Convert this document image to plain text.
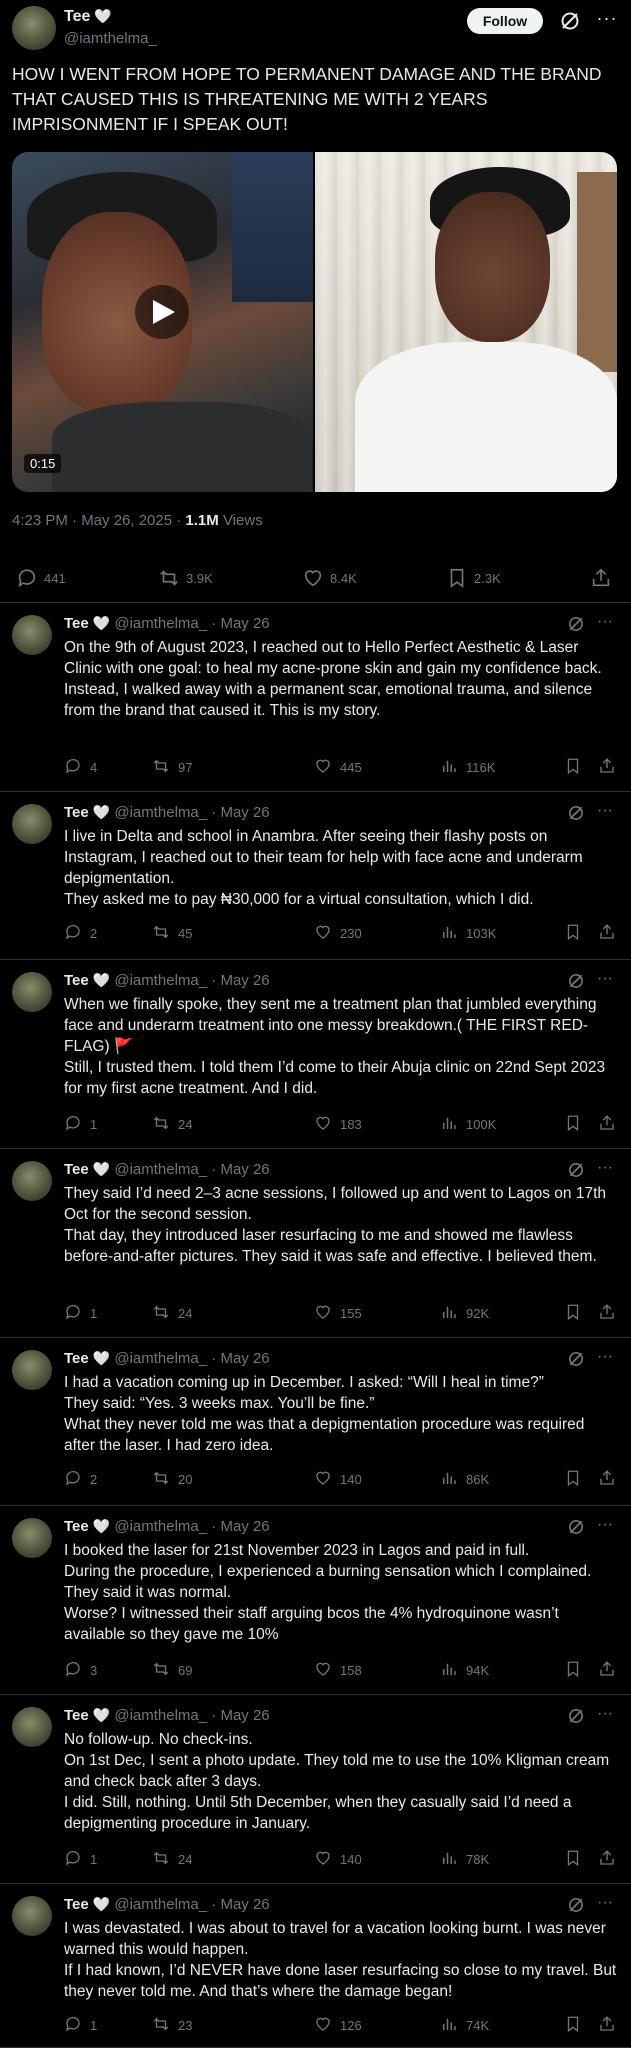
Tee 🤍
@iamthelma_
Follow	···
HOW I WENT FROM HOPE TO PERMANENT DAMAGE AND THE BRAND THAT CAUSED THIS IS THREATENING ME WITH 2 YEARS IMPRISONMENT IF I SPEAK OUT!
0:15
4:23 PM · May 26, 2025 · 1.1M Views
441	3.9K	8.4K	2.3K
Tee 🤍 @iamthelma_ · May 26	···
On the 9th of August 2023, I reached out to Hello Perfect Aesthetic & Laser Clinic with one goal: to heal my acne-prone skin and gain my confidence back.
Instead, I walked away with a permanent scar, emotional trauma, and silence from the brand that caused it. This is my story.
4	97	445	116K
Tee 🤍 @iamthelma_ · May 26	···
I live in Delta and school in Anambra. After seeing their flashy posts on Instagram, I reached out to their team for help with face acne and underarm depigmentation.
They asked me to pay ₦30,000 for a virtual consultation, which I did.
2	45	230	103K
Tee 🤍 @iamthelma_ · May 26	···
When we finally spoke, they sent me a treatment plan that jumbled everything face and underarm treatment into one messy breakdown.( THE FIRST RED-FLAG) 🚩
Still, I trusted them. I told them I’d come to their Abuja clinic on 22nd Sept 2023 for my first acne treatment. And I did.
1	24	183	100K
Tee 🤍 @iamthelma_ · May 26	···
They said I’d need 2–3 acne sessions, I followed up and went to Lagos on 17th Oct for the second session.
That day, they introduced laser resurfacing to me and showed me flawless before-and-after pictures. They said it was safe and effective. I believed them.
1	24	155	92K
Tee 🤍 @iamthelma_ · May 26	···
I had a vacation coming up in December. I asked: “Will I heal in time?”
They said: “Yes. 3 weeks max. You’ll be fine.”
What they never told me was that a depigmentation procedure was required after the laser. I had zero idea.
2	20	140	86K
Tee 🤍 @iamthelma_ · May 26	···
I booked the laser for 21st November 2023 in Lagos and paid in full.
During the procedure, I experienced a burning sensation which I complained. They said it was normal.
Worse? I witnessed their staff arguing bcos the 4% hydroquinone wasn’t available so they gave me 10%
3	69	158	94K
Tee 🤍 @iamthelma_ · May 26	···
No follow-up. No check-ins.
On 1st Dec, I sent a photo update. They told me to use the 10% Kligman cream and check back after 3 days.
I did. Still, nothing. Until 5th December, when they casually said I’d need a depigmenting procedure in January.
1	24	140	78K
Tee 🤍 @iamthelma_ · May 26	···
I was devastated. I was about to travel for a vacation looking burnt. I was never warned this would happen.
If I had known, I’d NEVER have done laser resurfacing so close to my travel. But they never told me. And that’s where the damage began!
1	23	126	74K
